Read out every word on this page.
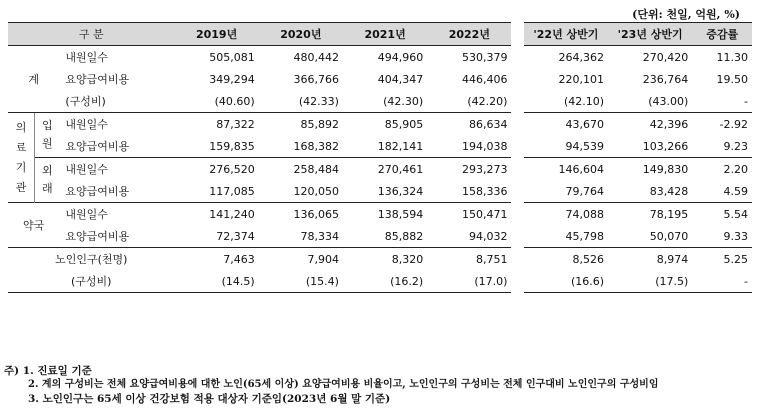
(단위: 천일, 억원, %)
구 분			2019년	2020년	2021년	2022년		'22년 상반기	'23년 상반기	증감률
계		내원일수	505,081	480,442	494,960	530,379		264,362	270,420	11.30
		요양급여비용	349,294	366,766	404,347	446,406		220,101	236,764	19.50
		(구성비)	(40.60)	(42.33)	(42.30)	(42.20)		(42.10)	(43.00)	-
의료기관	입원	내원일수	87,322	85,892	85,905	86,634		43,670	42,396	-2.92
		요양급여비용	159,835	168,382	182,141	194,038		94,539	103,266	9.23
	외래	내원일수	276,520	258,484	270,461	293,273		146,604	149,830	2.20
		요양급여비용	117,085	120,050	136,324	158,336		79,764	83,428	4.59
약국		내원일수	141,240	136,065	138,594	150,471		74,088	78,195	5.54
		요양급여비용	72,374	78,334	85,882	94,032		45,798	50,070	9.33
노인인구(천명)			7,463	7,904	8,320	8,751		8,526	8,974	5.25
(구성비)			(14.5)	(15.4)	(16.2)	(17.0)		(16.6)	(17.5)	-
주) 1. 진료일 기준
2. 계의 구성비는 전체 요양급여비용에 대한 노인(65세 이상) 요양급여비용 비율이고, 노인인구의 구성비는 전체 인구대비 노인인구의 구성비임
3. 노인인구는 65세 이상 건강보험 적용 대상자 기준임(2023년 6월 말 기준)
